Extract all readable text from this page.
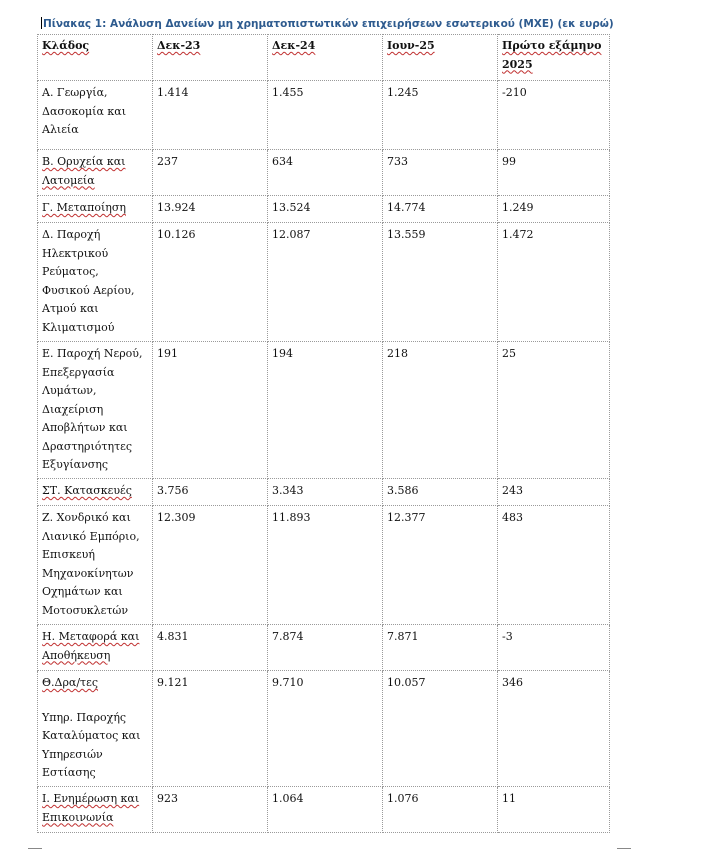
Πίνακας 1: Ανάλυση Δανείων μη χρηματοπιστωτικών επιχειρήσεων εσωτερικού (ΜΧΕ) (εκ ευρώ)
Κλάδος	Δεκ-23	Δεκ-24	Ιουν-25	Πρώτο εξάμηνο 2025
Α. Γεωργία, Δασοκομία και Αλιεία	1.414	1.455	1.245	-210
Β. Ορυχεία και Λατομεία	237	634	733	99
Γ. Μεταποίηση	13.924	13.524	14.774	1.249
Δ. Παροχή Ηλεκτρικού Ρεύματος, Φυσικού Αερίου, Ατμού και Κλιματισμού	10.126	12.087	13.559	1.472
Ε. Παροχή Νερού, Επεξεργασία Λυμάτων, Διαχείριση Αποβλήτων και Δραστηριότητες Εξυγίανσης	191	194	218	25
ΣΤ. Κατασκευές	3.756	3.343	3.586	243
Ζ. Χονδρικό και Λιανικό Εμπόριο, Επισκευή Μηχανοκίνητων Οχημάτων και Μοτοσυκλετών	12.309	11.893	12.377	483
Η. Μεταφορά και Αποθήκευση	4.831	7.874	7.871	-3
Θ.Δρα/τες
Υπηρ. Παροχής Καταλύματος και Υπηρεσιών Εστίασης	9.121	9.710	10.057	346
Ι. Ενημέρωση και Επικοινωνία	923	1.064	1.076	11
